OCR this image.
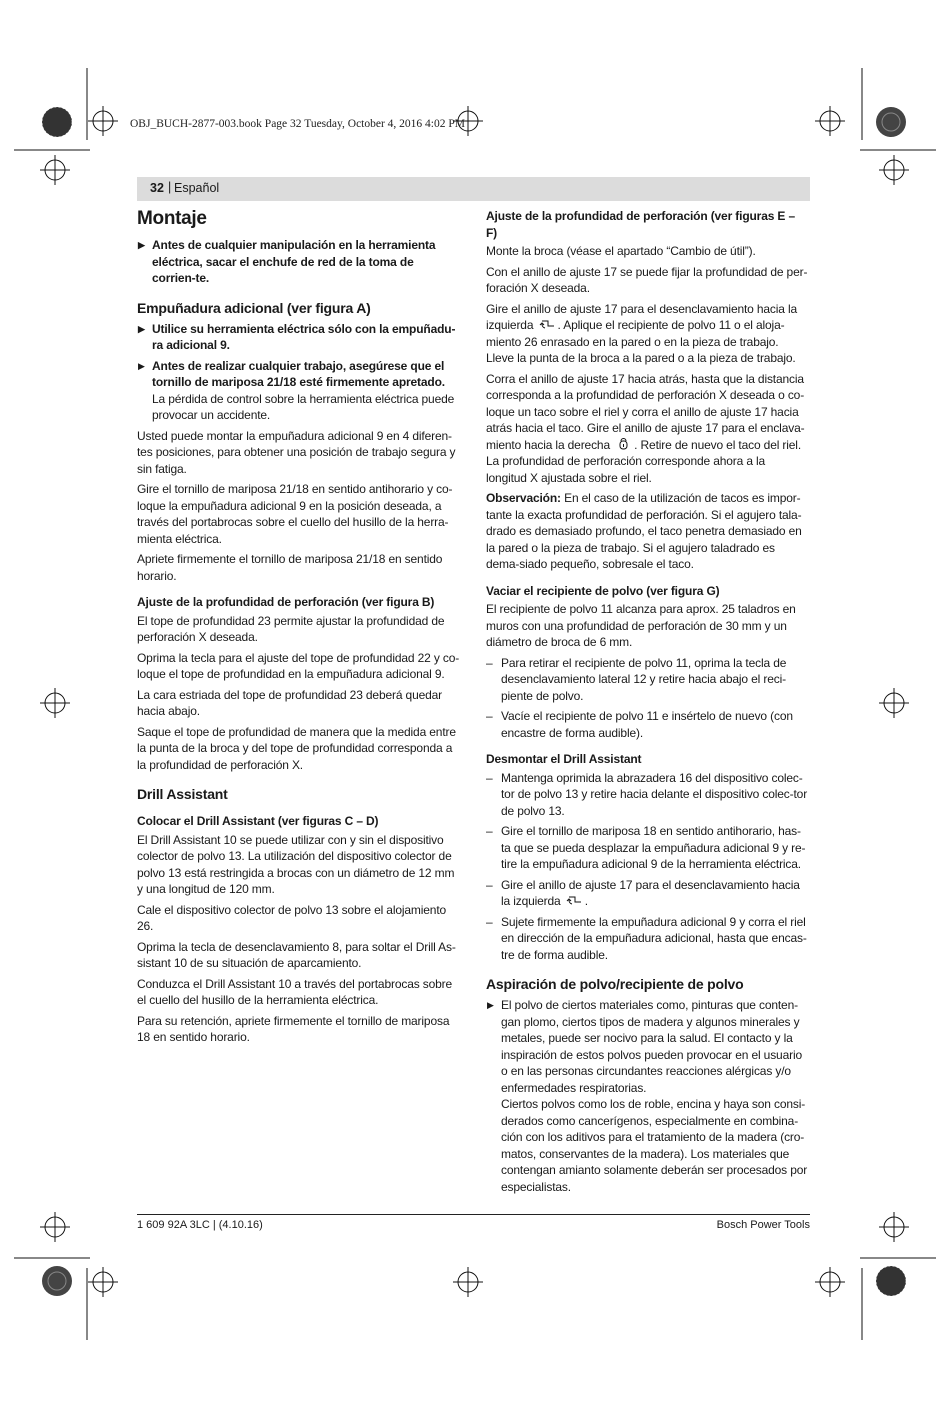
OBJ_BUCH-2877-003.book Page 32 Tuesday, October 4, 2016 4:02 PM
32 | Español
Montaje

▶ Antes de cualquier manipulación en la herramienta eléctrica, sacar el enchufe de red de la toma de corrien-te.

Empuñadura adicional (ver figura A)

▶ Utilice su herramienta eléctrica sólo con la empuñadu-ra adicional 9.

▶ Antes de realizar cualquier trabajo, asegúrese que el tornillo de mariposa 21/18 esté firmemente apretado. La pérdida de control sobre la herramienta eléctrica puede provocar un accidente.

Usted puede montar la empuñadura adicional 9 en 4 diferen-tes posiciones, para obtener una posición de trabajo segura y sin fatiga.

Gire el tornillo de mariposa 21/18 en sentido antihorario y co-loque la empuñadura adicional 9 en la posición deseada, a través del portabrocas sobre el cuello del husillo de la herra-mienta eléctrica.

Apriete firmemente el tornillo de mariposa 21/18 en sentido horario.

Ajuste de la profundidad de perforación (ver figura B)

El tope de profundidad 23 permite ajustar la profundidad de perforación X deseada.

Oprima la tecla para el ajuste del tope de profundidad 22 y co-loque el tope de profundidad en la empuñadura adicional 9.

La cara estriada del tope de profundidad 23 deberá quedar hacia abajo.

Saque el tope de profundidad de manera que la medida entre la punta de la broca y del tope de profundidad corresponda a la profundidad de perforación X.

Drill Assistant
Colocar el Drill Assistant (ver figuras C – D)

El Drill Assistant 10 se puede utilizar con y sin el dispositivo colector de polvo 13. La utilización del dispositivo colector de polvo 13 está restringida a brocas con un diámetro de 12 mm y una longitud de 120 mm.

Cale el dispositivo colector de polvo 13 sobre el alojamiento 26.

Oprima la tecla de desenclavamiento 8, para soltar el Drill As-sistant 10 de su situación de aparcamiento.

Conduzca el Drill Assistant 10 a través del portabrocas sobre el cuello del husillo de la herramienta eléctrica.

Para su retención, apriete firmemente el tornillo de mariposa 18 en sentido horario.

Ajuste de la profundidad de perforación (ver figuras E – F)

Monte la broca (véase el apartado “Cambio de útil”).

Con el anillo de ajuste 17 se puede fijar la profundidad de per-foración X deseada.

Gire el anillo de ajuste 17 para el desenclavamiento hacia la izquierda . Aplique el recipiente de polvo 11 o el aloja-miento 26 enrasado en la pared o en la pieza de trabajo. Lleve la punta de la broca a la pared o a la pieza de trabajo.

Corra el anillo de ajuste 17 hacia atrás, hasta que la distancia corresponda a la profundidad de perforación X deseada o co-loque un taco sobre el riel y corra el anillo de ajuste 17 hacia atrás hacia el taco. Gire el anillo de ajuste 17 para el enclava-miento hacia la derecha . Retire de nuevo el taco del riel. La profundidad de perforación corresponde ahora a la longitud X ajustada sobre el riel.

Observación: En el caso de la utilización de tacos es impor-tante la exacta profundidad de perforación. Si el agujero tala-drado es demasiado profundo, el taco penetra demasiado en la pared o la pieza de trabajo. Si el agujero taladrado es dema-siado pequeño, sobresale el taco.

Vaciar el recipiente de polvo (ver figura G)

El recipiente de polvo 11 alcanza para aprox. 25 taladros en muros con una profundidad de perforación de 30 mm y un diámetro de broca de 6 mm.

– Para retirar el recipiente de polvo 11, oprima la tecla de desenclavamiento lateral 12 y retire hacia abajo el reci-piente de polvo.

– Vacíe el recipiente de polvo 11 e insértelo de nuevo (con encastre de forma audible).

Desmontar el Drill Assistant

– Mantenga oprimida la abrazadera 16 del dispositivo colec-tor de polvo 13 y retire hacia delante el dispositivo colec-tor de polvo 13.

– Gire el tornillo de mariposa 18 en sentido antihorario, has-ta que se pueda desplazar la empuñadura adicional 9 y re-tire la empuñadura adicional 9 de la herramienta eléctrica.

– Gire el anillo de ajuste 17 para el desenclavamiento hacia la izquierda .

– Sujete firmemente la empuñadura adicional 9 y corra el riel en dirección de la empuñadura adicional, hasta que encas-tre de forma audible.

Aspiración de polvo/recipiente de polvo
▶ El polvo de ciertos materiales como, pinturas que conten-gan plomo, ciertos tipos de madera y algunos minerales y metales, puede ser nocivo para la salud. El contacto y la inspiración de estos polvos pueden provocar en el usuario o en las personas circundantes reacciones alérgicas y/o enfermedades respiratorias.
Ciertos polvos como los de roble, encina y haya son consi-derados como cancerígenos, especialmente en combina-ción con los aditivos para el tratamiento de la madera (cro-matos, conservantes de la madera). Los materiales que contengan amianto solamente deberán ser procesados por especialistas.
1 609 92A 3LC | (4.10.16)	Bosch Power Tools
